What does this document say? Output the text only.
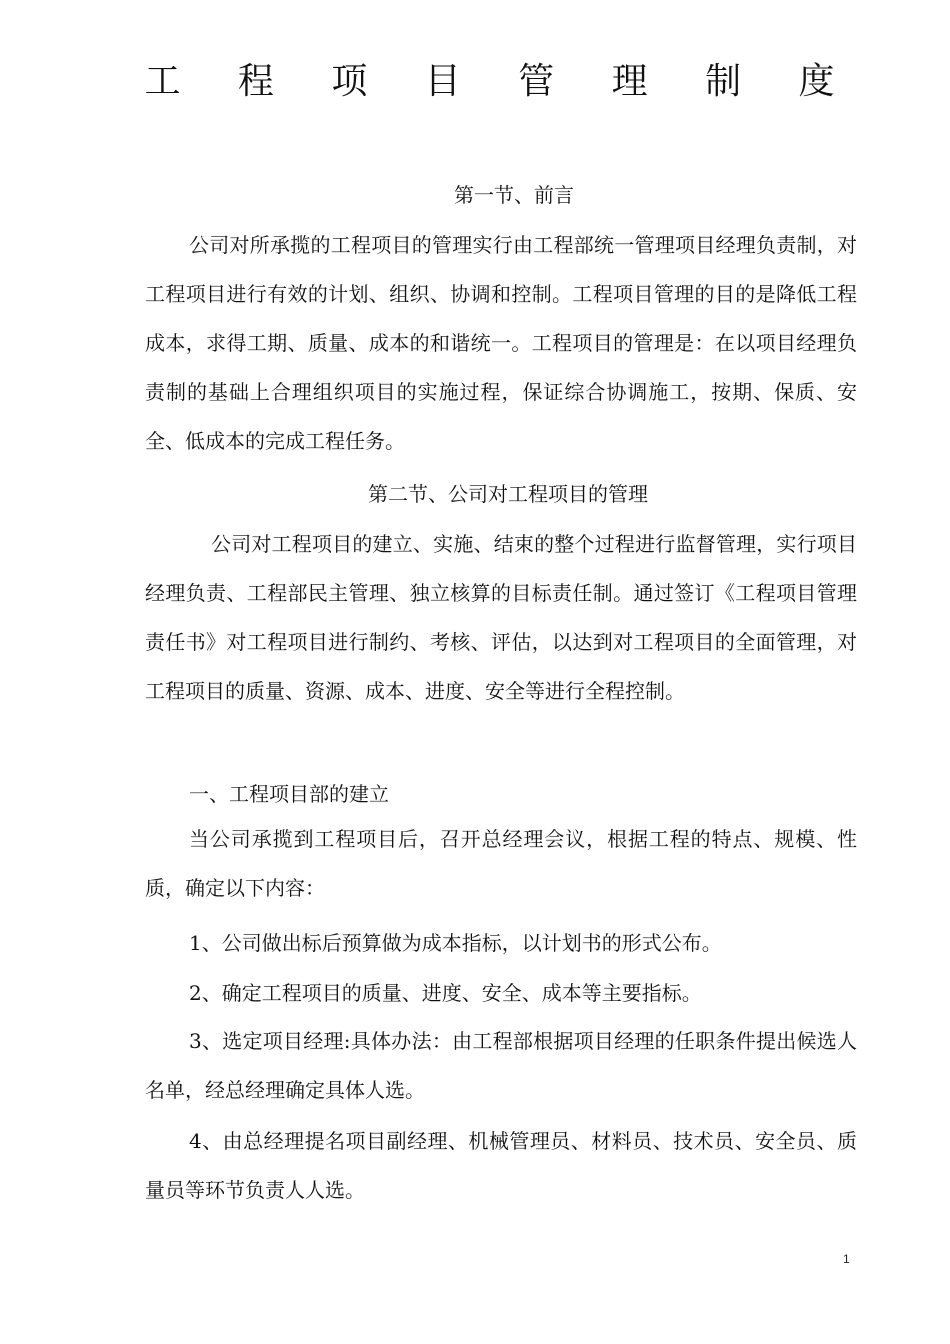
工 程 项 目 管 理 制 度
第一节、前言

公司对所承揽的工程项目的管理实行由工程部统一管理项目经理负责制，对工程项目进行有效的计划、组织、协调和控制。工程项目管理的目的是降低工程成本，求得工期、质量、成本的和谐统一。工程项目的管理是：在以项目经理负责制的基础上合理组织项目的实施过程，保证综合协调施工，按期、保质、安全、低成本的完成工程任务。

第二节、公司对工程项目的管理

公司对工程项目的建立、实施、结束的整个过程进行监督管理，实行项目经理负责、工程部民主管理、独立核算的目标责任制。通过签订《工程项目管理责任书》对工程项目进行制约、考核、评估，以达到对工程项目的全面管理，对工程项目的质量、资源、成本、进度、安全等进行全程控制。

一、工程项目部的建立

当公司承揽到工程项目后，召开总经理会议，根据工程的特点、规模、性质，确定以下内容：

1、公司做出标后预算做为成本指标，以计划书的形式公布。
2、确定工程项目的质量、进度、安全、成本等主要指标。

3、选定项目经理:具体办法：由工程部根据项目经理的任职条件提出候选人名单，经总经理确定具体人选。

4、由总经理提名项目副经理、机械管理员、材料员、技术员、安全员、质量员等环节负责人人选。

1
